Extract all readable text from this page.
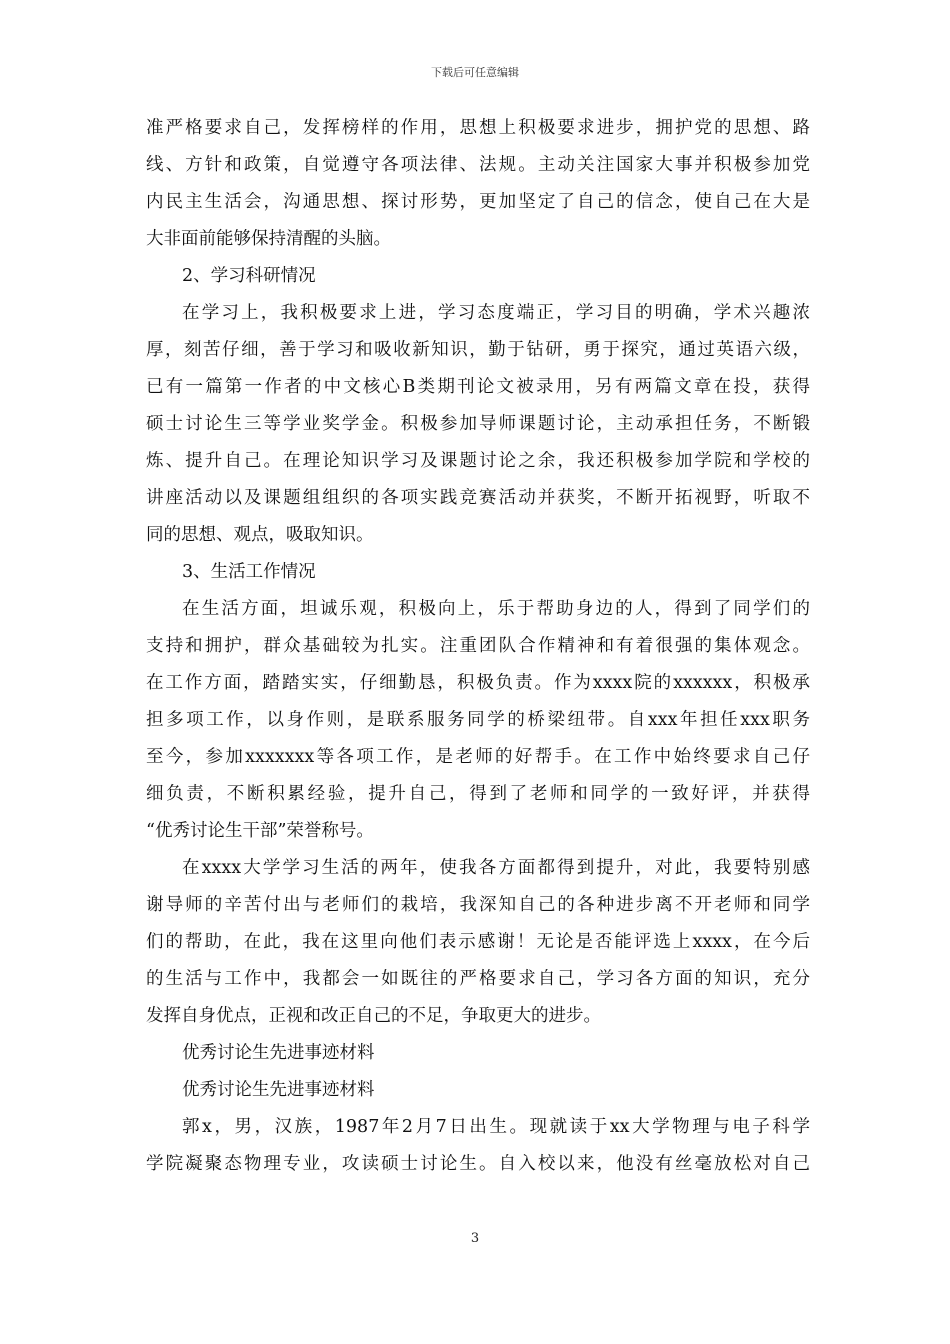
下载后可任意编辑
准严格要求自己，发挥榜样的作用，思想上积极要求进步，拥护党的思想、路
线、方针和政策，自觉遵守各项法律、法规。主动关注国家大事并积极参加党
内民主生活会，沟通思想、探讨形势，更加坚定了自己的信念，使自己在大是
大非面前能够保持清醒的头脑。
2、学习科研情况
在学习上，我积极要求上进，学习态度端正，学习目的明确，学术兴趣浓
厚，刻苦仔细，善于学习和吸收新知识，勤于钻研，勇于探究，通过英语六级，
已有一篇第一作者的中文核心B类期刊论文被录用，另有两篇文章在投，获得
硕士讨论生三等学业奖学金。积极参加导师课题讨论，主动承担任务，不断锻
炼、提升自己。在理论知识学习及课题讨论之余，我还积极参加学院和学校的
讲座活动以及课题组组织的各项实践竞赛活动并获奖，不断开拓视野，听取不
同的思想、观点，吸取知识。
3、生活工作情况
在生活方面，坦诚乐观，积极向上，乐于帮助身边的人，得到了同学们的
支持和拥护，群众基础较为扎实。注重团队合作精神和有着很强的集体观念。
在工作方面，踏踏实实，仔细勤恳，积极负责。作为xxxx院的xxxxxx，积极承
担多项工作，以身作则，是联系服务同学的桥梁纽带。自xxx年担任xxx职务
至今，参加xxxxxxx等各项工作，是老师的好帮手。在工作中始终要求自己仔
细负责，不断积累经验，提升自己，得到了老师和同学的一致好评，并获得
“优秀讨论生干部”荣誉称号。
在xxxx大学学习生活的两年，使我各方面都得到提升，对此，我要特别感
谢导师的辛苦付出与老师们的栽培，我深知自己的各种进步离不开老师和同学
们的帮助，在此，我在这里向他们表示感谢！无论是否能评选上xxxx，在今后
的生活与工作中，我都会一如既往的严格要求自己，学习各方面的知识，充分
发挥自身优点，正视和改正自己的不足，争取更大的进步。
优秀讨论生先进事迹材料
优秀讨论生先进事迹材料
郭x，男，汉族，1987年2月7日出生。现就读于xx大学物理与电子科学
学院凝聚态物理专业，攻读硕士讨论生。自入校以来，他没有丝毫放松对自己
3
